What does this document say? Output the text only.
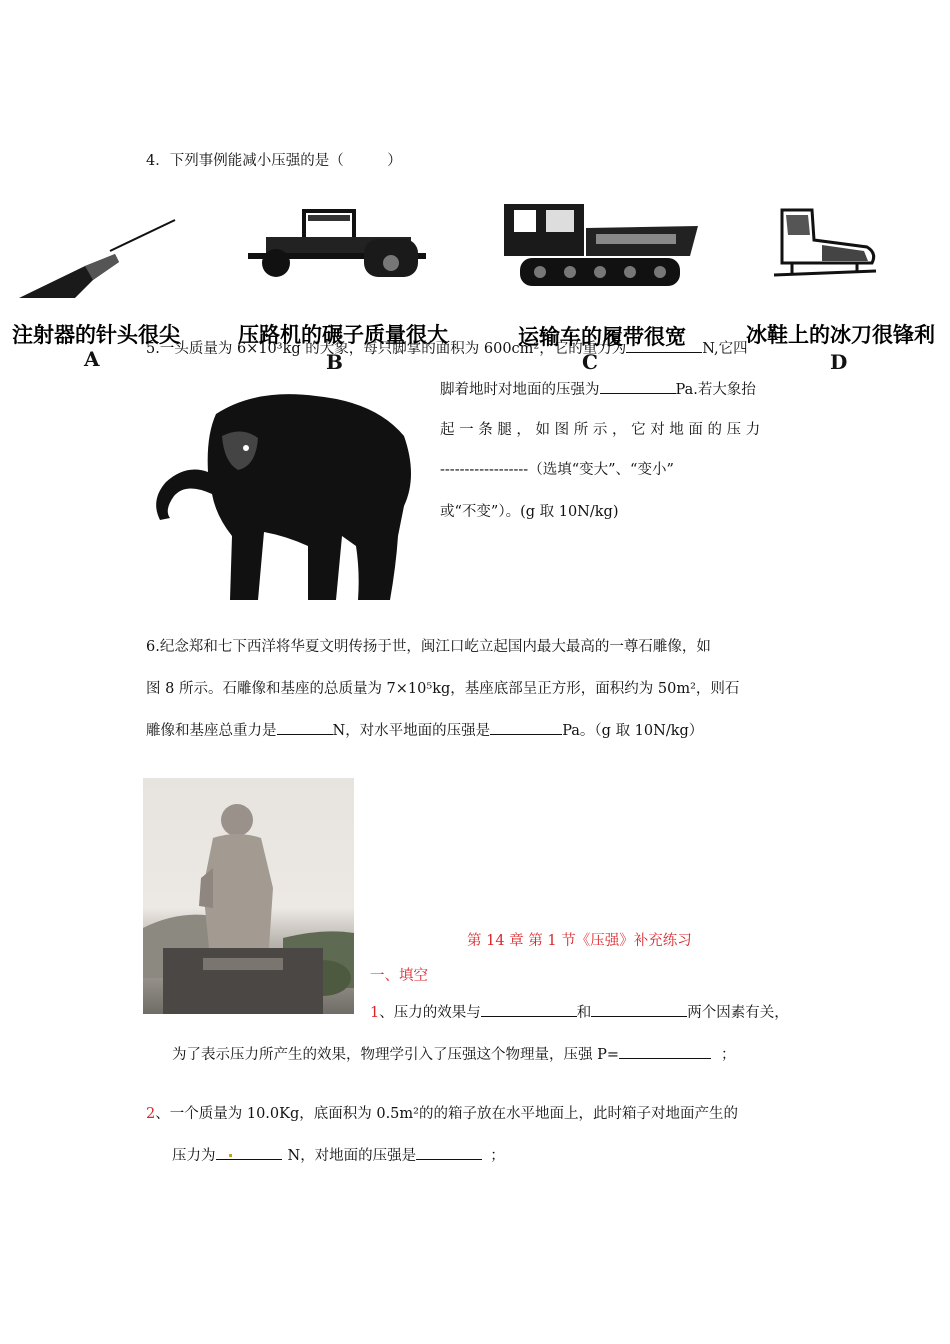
4．下列事例能减小压强的是（　　　）
注射器的针头很尖	压路机的碾子质量很大	运输车的履带很宽	冰鞋上的冰刀很锋利
A	B	C	D
5.一头质量为 6×10³kg 的大象，每只脚掌的面积为 600cm²，它的重力为	N,它四
脚着地时对地面的压强为	Pa.若大象抬
起 一 条 腿 ， 如 图 所 示 ， 它 对 地 面 的 压 力
------------------（选填“变大”、“变小”
或“不变”）。(g 取 10N/kg)
6.纪念郑和七下西洋将华夏文明传扬于世，闽江口屹立起国内最大最高的一尊石雕像，如
图 8 所示。石雕像和基座的总质量为 7×10⁵kg，基座底部呈正方形，面积约为 50m²，则石
雕像和基座总重力是	N，对水平地面的压强是	Pa。（g 取 10N/kg）
第 14 章 第 1 节《压强》补充练习
一、填空
1、压力的效果与	和	两个因素有关，
为了表示压力所产生的效果，物理学引入了压强这个物理量，压强 P=	；
2、一个质量为 10.0Kg，底面积为 0.5m²的的箱子放在水平地面上，此时箱子对地面产生的
压力为	N，对地面的压强是	；
